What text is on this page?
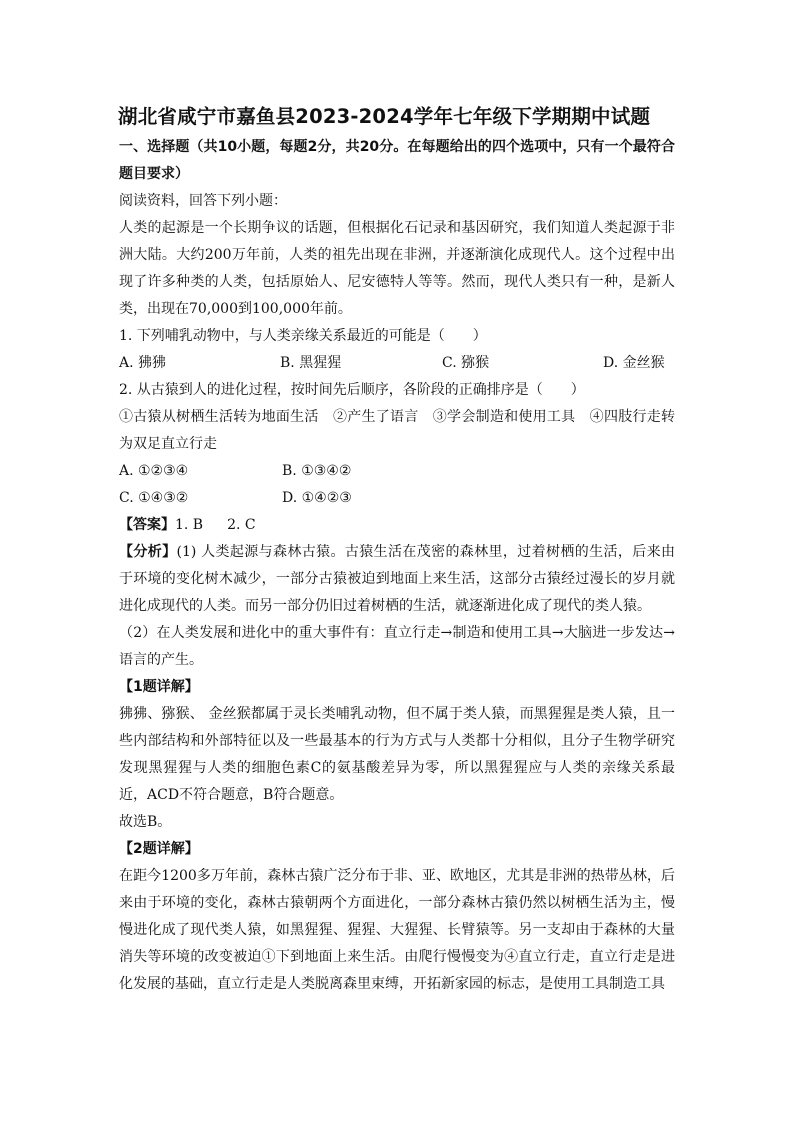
湖北省咸宁市嘉鱼县2023-2024学年七年级下学期期中试题

一、选择题（共10小题，每题2分，共20分。在每题给出的四个选项中，只有一个最符合题目要求）

阅读资料，回答下列小题：

人类的起源是一个长期争议的话题，但根据化石记录和基因研究，我们知道人类起源于非洲大陆。大约200万年前，人类的祖先出现在非洲，并逐渐演化成现代人。这个过程中出现了许多种类的人类，包括原始人、尼安德特人等等。然而，现代人类只有一种，是新人类，出现在70,000到100,000年前。

1. 下列哺乳动物中，与人类亲缘关系最近的可能是（　　）

A. 狒狒	B. 黑猩猩	C. 猕猴	D. 金丝猴

2. 从古猿到人的进化过程，按时间先后顺序，各阶段的正确排序是（　　）

①古猿从树栖生活转为地面生活　②产生了语言　③学会制造和使用工具　④四肢行走转为双足直立行走

A. ①②③④	B. ①③④②
C. ①④③②	D. ①④②③
【答案】 1. B 2. C

【分析】(1) 人类起源与森林古猿。古猿生活在茂密的森林里，过着树栖的生活，后来由于环境的变化树木减少，一部分古猿被迫到地面上来生活，这部分古猿经过漫长的岁月就进化成现代的人类。而另一部分仍旧过着树栖的生活，就逐渐进化成了现代的类人猿。

（2）在人类发展和进化中的重大事件有：直立行走→制造和使用工具→大脑进一步发达→语言的产生。

【1题详解】

狒狒、猕猴、 金丝猴都属于灵长类哺乳动物，但不属于类人猿，而黑猩猩是类人猿，且一些内部结构和外部特征以及一些最基本的行为方式与人类都十分相似，且分子生物学研究发现黑猩猩与人类的细胞色素C的氨基酸差异为零，所以黑猩猩应与人类的亲缘关系最近，ACD不符合题意，B符合题意。

故选B。

【2题详解】

在距今1200多万年前，森林古猿广泛分布于非、亚、欧地区，尤其是非洲的热带丛林，后来由于环境的变化，森林古猿朝两个方面进化，一部分森林古猿仍然以树栖生活为主，慢慢进化成了现代类人猿，如黑猩猩、猩猩、大猩猩、长臂猿等。另一支却由于森林的大量消失等环境的改变被迫①下到地面上来生活。由爬行慢慢变为④直立行走，直立行走是进化发展的基础，直立行走是人类脱离森里束缚，开拓新家园的标志，是使用工具制造工具
